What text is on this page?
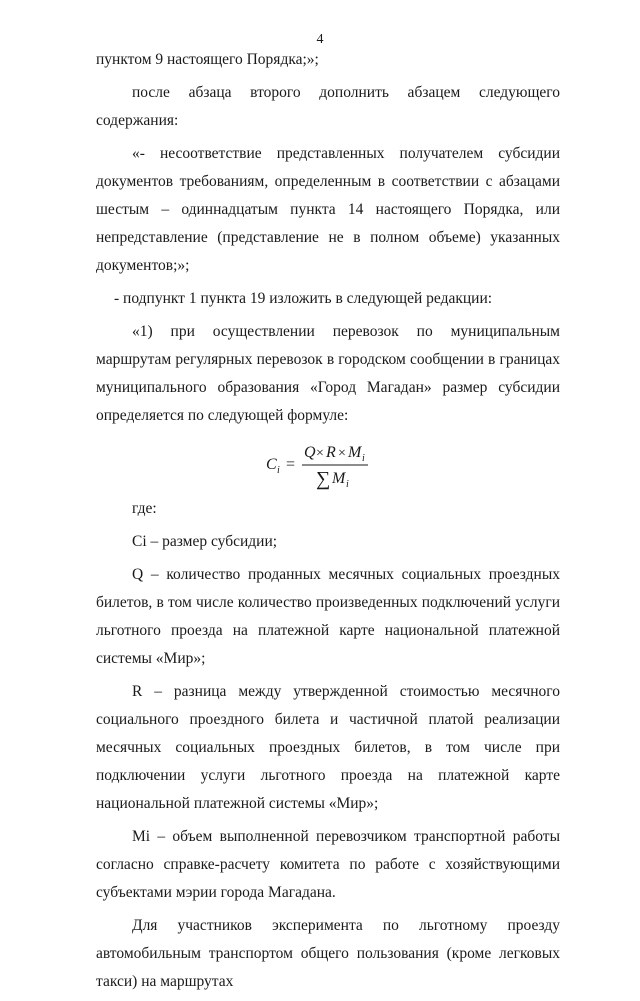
4

пунктом 9 настоящего Порядка;»;

после абзаца второго дополнить абзацем следующего содержания:

«- несоответствие представленных получателем субсидии документов требованиям, определенным в соответствии с абзацами шестым – одиннадцатым пункта 14 настоящего Порядка, или непредставление (представление не в полном объеме) указанных документов;»;

- подпункт 1 пункта 19 изложить в следующей редакции:

«1) при осуществлении перевозок по муниципальным маршрутам регулярных перевозок в городском сообщении в границах муниципального образования «Город Магадан» размер субсидии определяется по следующей формуле:

C i =
Q × R × M i
∑ M i

где:

Ci – размер субсидии;

Q – количество проданных месячных социальных проездных билетов, в том числе количество произведенных подключений услуги льготного проезда на платежной карте национальной платежной системы «Мир»;

R – разница между утвержденной стоимостью месячного социального проездного билета и частичной платой реализации месячных социальных проездных билетов, в том числе при подключении услуги льготного проезда на платежной карте национальной платежной системы «Мир»;

Mi – объем выполненной перевозчиком транспортной работы согласно справке-расчету комитета по работе с хозяйствующими субъектами мэрии города Магадана.

Для участников эксперимента по льготному проезду автомобильным транспортом общего пользования (кроме легковых такси) на маршрутах
